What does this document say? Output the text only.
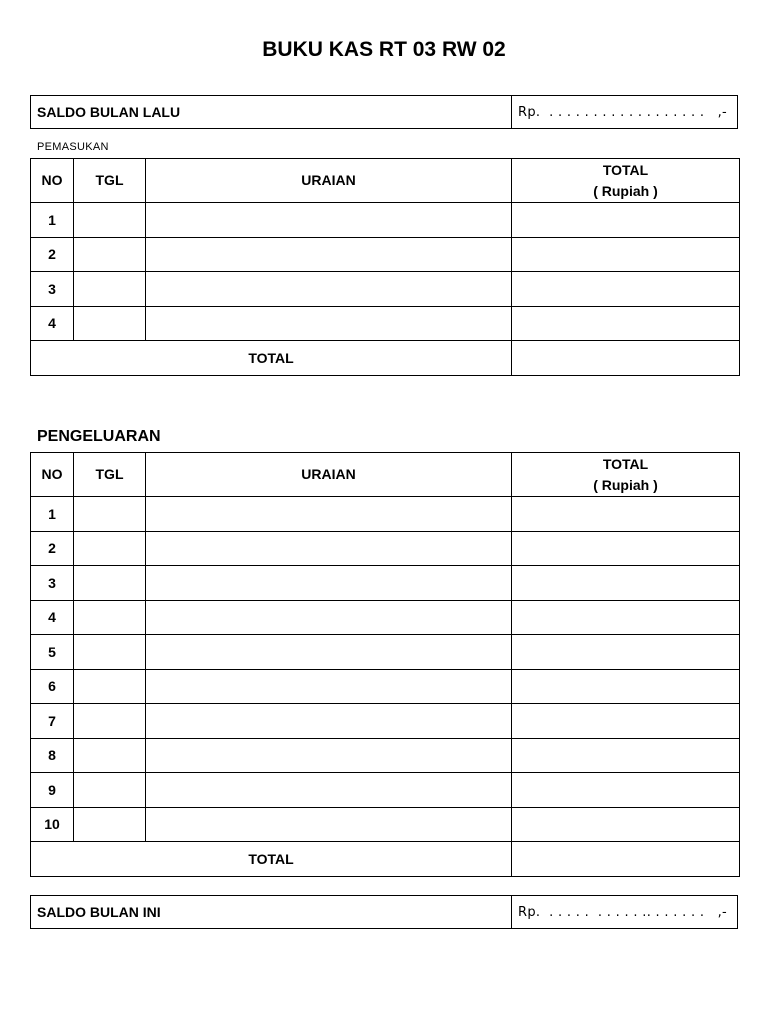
BUKU KAS RT 03 RW 02
SALDO BULAN LALU	Rp.  . . . . . . . . . . . . . . . . . .   ,-
PEMASUKAN
NO	TGL	URAIAN	TOTAL
( Rupiah )

1			
2			
3			
4			
TOTAL			
PENGELUARAN
NO	TGL	URAIAN	TOTAL
( Rupiah )

1			
2			
3			
4			
5			
6			
7			
8			
9			
10			
TOTAL			
SALDO BULAN INI	Rp.  . . . . .  . . . . . .. . . . . . .   ,-
